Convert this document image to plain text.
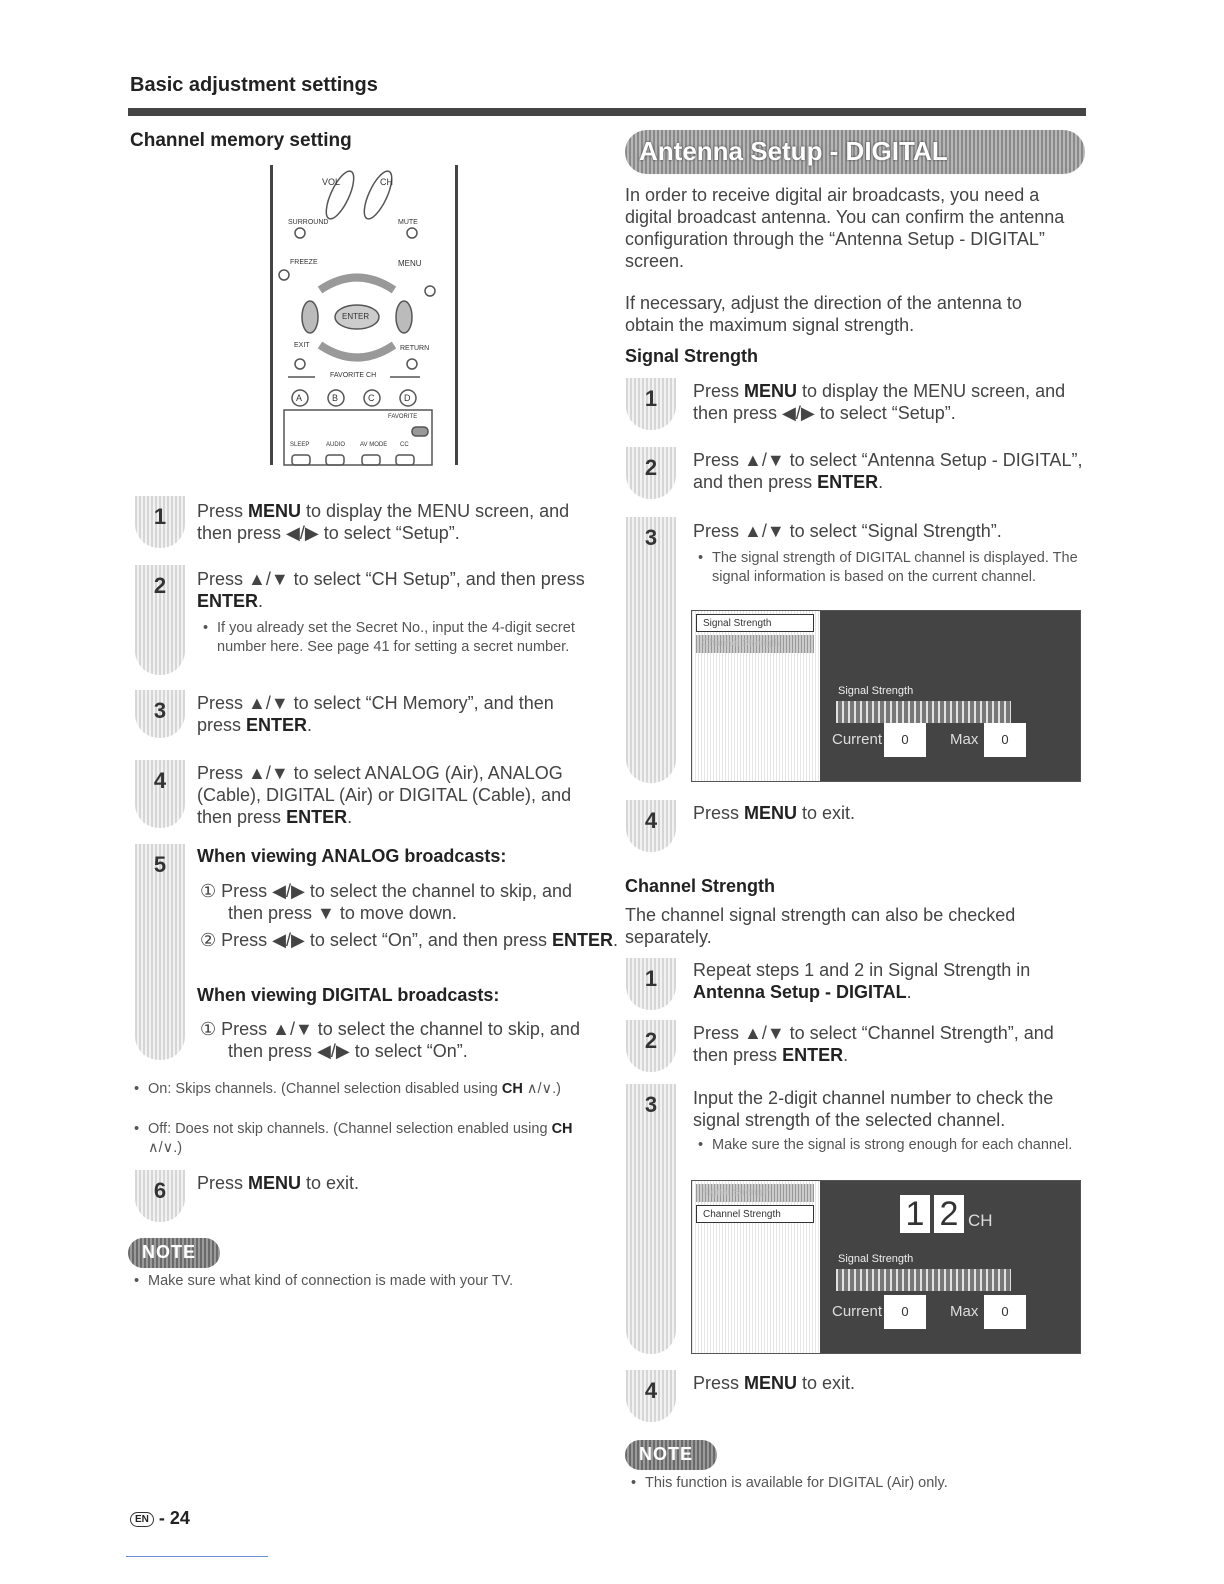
Basic adjustment settings
Channel memory setting
VOL	CH
SURROUND	MUTE
FREEZE	MENU
ENTER
EXIT	RETURN
FAVORITE CH
A	B	C	D
FAVORITE
SLEEP	AUDIO AV MODE CC
1	Press MENU to display the MENU screen, and then press ◀/▶ to select “Setup”.
2	Press ▲/▼ to select “CH Setup”, and then press ENTER.
• If you already set the Secret No., input the 4-digit secret number here. See page 41 for setting a secret number.
3	Press ▲/▼ to select “CH Memory”, and then press ENTER.
4	Press ▲/▼ to select ANALOG (Air), ANALOG (Cable), DIGITAL (Air) or DIGITAL (Cable), and then press ENTER.
5	When viewing ANALOG broadcasts:
① Press ◀/▶ to select the channel to skip, and then press ▼ to move down.
② Press ◀/▶ to select “On”, and then press ENTER.
When viewing DIGITAL broadcasts:
① Press ▲/▼ to select the channel to skip, and then press ◀/▶ to select “On”.
• On: Skips channels. (Channel selection disabled using CH ∧/∨.)
• Off: Does not skip channels. (Channel selection enabled using CH ∧/∨.)
6	Press MENU to exit.
NOTE
• Make sure what kind of connection is made with your TV.
Antenna Setup - DIGITAL
In order to receive digital air broadcasts, you need a digital broadcast antenna. You can confirm the antenna configuration through the “Antenna Setup - DIGITAL” screen.
If necessary, adjust the direction of the antenna to obtain the maximum signal strength.
Signal Strength
1	Press MENU to display the MENU screen, and then press ◀/▶ to select “Setup”.
2	Press ▲/▼ to select “Antenna Setup - DIGITAL”, and then press ENTER.
3	Press ▲/▼ to select “Signal Strength”.
• The signal strength of DIGITAL channel is displayed. The signal information is based on the current channel.
Signal Strength
Channel Strength
Signal Strength
Current	0	Max	0
4	Press MENU to exit.
Channel Strength
The channel signal strength can also be checked separately.
1	Repeat steps 1 and 2 in Signal Strength in Antenna Setup - DIGITAL.
2	Press ▲/▼ to select “Channel Strength”, and then press ENTER.
3	Input the 2-digit channel number to check the signal strength of the selected channel.
• Make sure the signal is strong enough for each channel.
Signal Strength
Channel Strength	1 2 CH
Signal Strength
Current	0	Max	0
4	Press MENU to exit.
NOTE
• This function is available for DIGITAL (Air) only.
EN - 24
